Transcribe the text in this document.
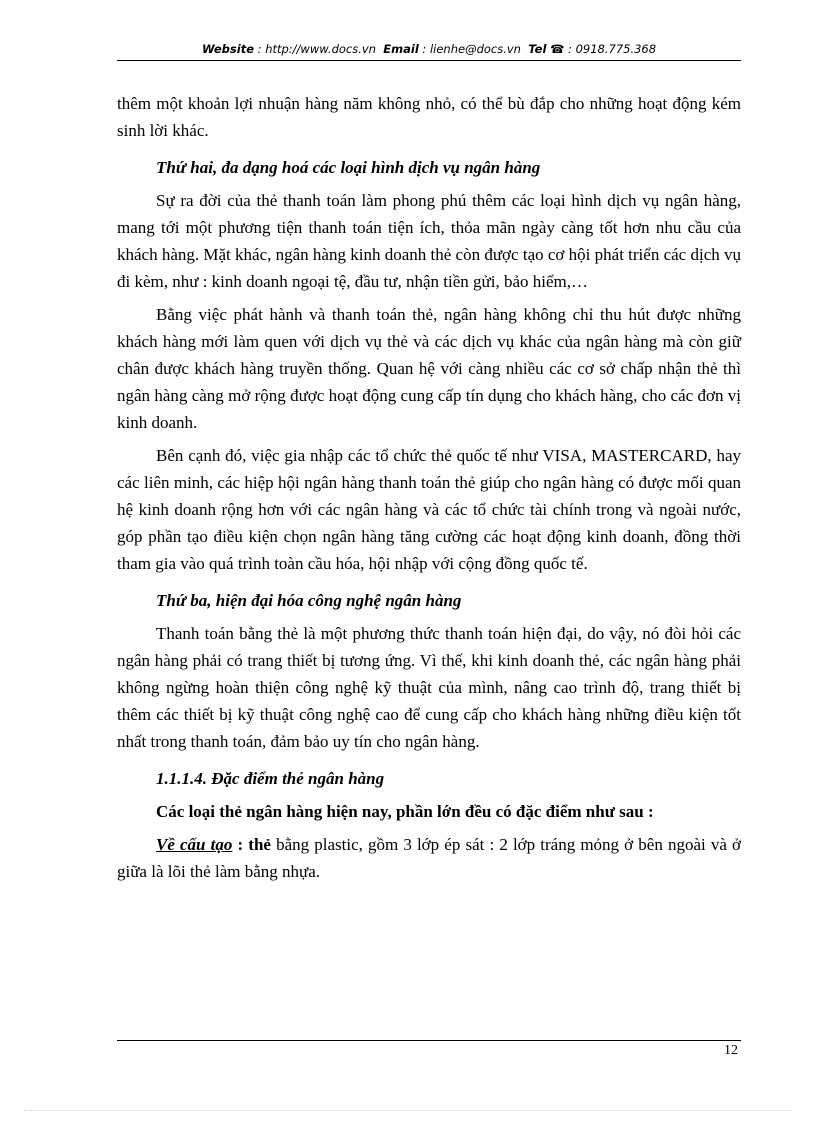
Website : http://www.docs.vn Email : lienhe@docs.vn Tel ☎ : 0918.775.368

thêm một khoản lợi nhuận hàng năm không nhỏ, có thể bù đắp cho những hoạt động kém sinh lời khác.

Thứ hai, đa dạng hoá các loại hình dịch vụ ngân hàng

Sự ra đời của thẻ thanh toán làm phong phú thêm các loại hình dịch vụ ngân hàng, mang tới một phương tiện thanh toán tiện ích, thỏa mãn ngày càng tốt hơn nhu cầu của khách hàng. Mặt khác, ngân hàng kinh doanh thẻ còn được tạo cơ hội phát triển các dịch vụ đi kèm, như : kinh doanh ngoại tệ, đầu tư, nhận tiền gửi, bảo hiểm,…

Bằng việc phát hành và thanh toán thẻ, ngân hàng không chỉ thu hút được những khách hàng mới làm quen với dịch vụ thẻ và các dịch vụ khác của ngân hàng mà còn giữ chân được khách hàng truyền thống. Quan hệ với càng nhiều các cơ sở chấp nhận thẻ thì ngân hàng càng mở rộng được hoạt động cung cấp tín dụng cho khách hàng, cho các đơn vị kinh doanh.

Bên cạnh đó, việc gia nhập các tổ chức thẻ quốc tế như VISA, MASTERCARD, hay các liên minh, các hiệp hội ngân hàng thanh toán thẻ giúp cho ngân hàng có được mối quan hệ kinh doanh rộng hơn với các ngân hàng và các tổ chức tài chính trong và ngoài nước, góp phần tạo điều kiện chọn ngân hàng tăng cường các hoạt động kinh doanh, đồng thời tham gia vào quá trình toàn cầu hóa, hội nhập với cộng đồng quốc tế.

Thứ ba, hiện đại hóa công nghệ ngân hàng

Thanh toán bằng thẻ là một phương thức thanh toán hiện đại, do vậy, nó đòi hỏi các ngân hàng phải có trang thiết bị tương ứng. Vì thế, khi kinh doanh thẻ, các ngân hàng phải không ngừng hoàn thiện công nghệ kỹ thuật của mình, nâng cao trình độ, trang thiết bị thêm các thiết bị kỹ thuật công nghệ cao để cung cấp cho khách hàng những điều kiện tốt nhất trong thanh toán, đảm bảo uy tín cho ngân hàng.

1.1.1.4. Đặc điểm thẻ ngân hàng

Các loại thẻ ngân hàng hiện nay, phần lớn đều có đặc điểm như sau :

Về cấu tạo : thẻ bằng plastic, gồm 3 lớp ép sát : 2 lớp tráng mỏng ở bên ngoài và ở giữa là lõi thẻ làm bằng nhựa.

12
